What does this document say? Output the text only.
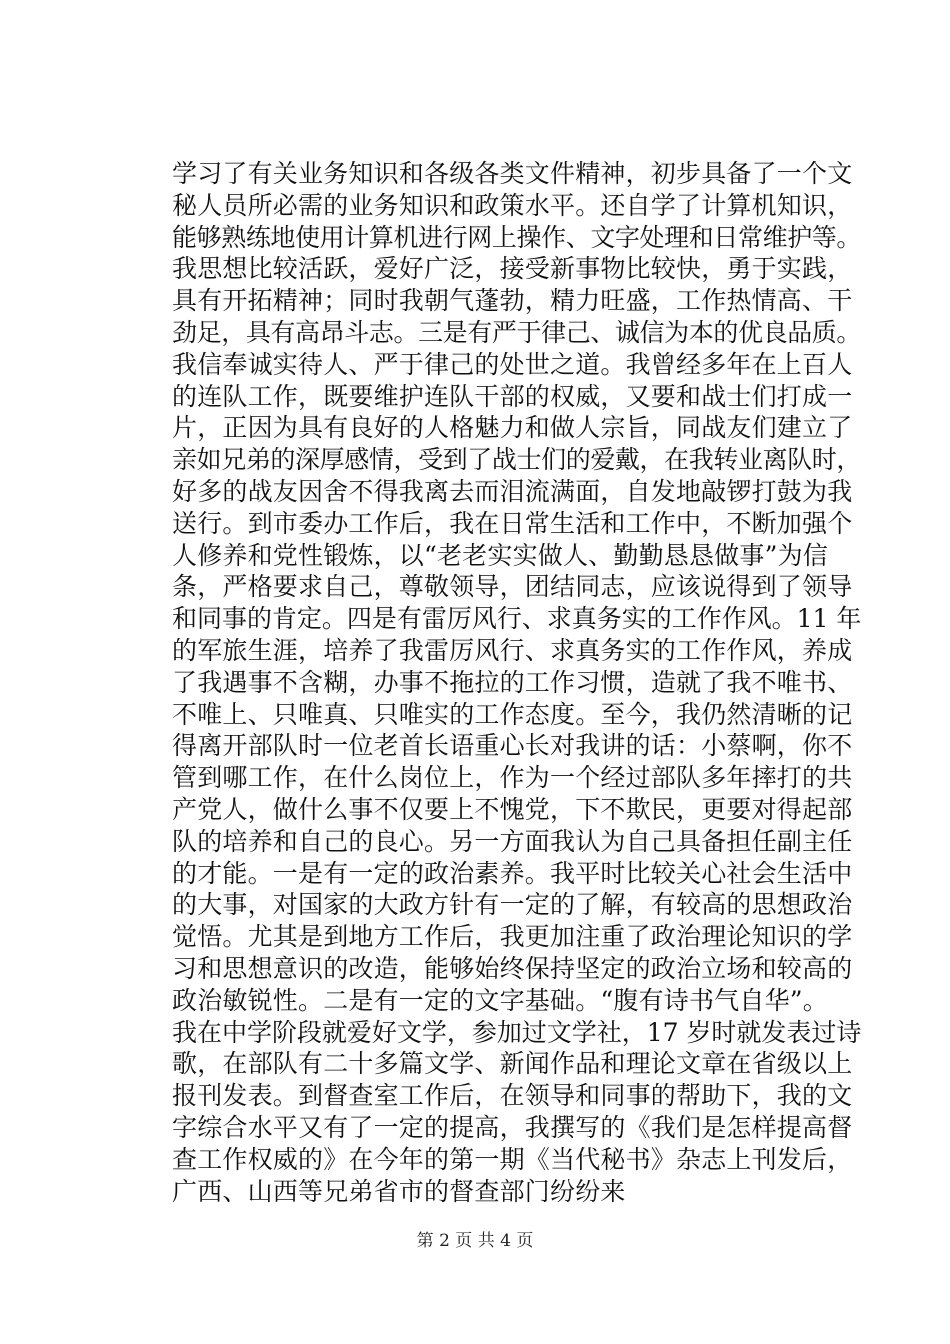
学习了有关业务知识和各级各类文件精神，初步具备了一个文
秘人员所必需的业务知识和政策水平。还自学了计算机知识，
能够熟练地使用计算机进行网上操作、文字处理和日常维护等。
我思想比较活跃，爱好广泛，接受新事物比较快，勇于实践，
具有开拓精神；同时我朝气蓬勃，精力旺盛，工作热情高、干
劲足，具有高昂斗志。三是有严于律己、诚信为本的优良品质。
我信奉诚实待人、严于律己的处世之道。我曾经多年在上百人
的连队工作，既要维护连队干部的权威，又要和战士们打成一
片，正因为具有良好的人格魅力和做人宗旨，同战友们建立了
亲如兄弟的深厚感情，受到了战士们的爱戴，在我转业离队时，
好多的战友因舍不得我离去而泪流满面，自发地敲锣打鼓为我
送行。到市委办工作后，我在日常生活和工作中，不断加强个
人修养和党性锻炼，以“老老实实做人、勤勤恳恳做事”为信
条，严格要求自己，尊敬领导，团结同志，应该说得到了领导
和同事的肯定。四是有雷厉风行、求真务实的工作作风。11 年
的军旅生涯，培养了我雷厉风行、求真务实的工作作风，养成
了我遇事不含糊，办事不拖拉的工作习惯，造就了我不唯书、
不唯上、只唯真、只唯实的工作态度。至今，我仍然清晰的记
得离开部队时一位老首长语重心长对我讲的话：小蔡啊，你不
管到哪工作，在什么岗位上，作为一个经过部队多年摔打的共
产党人，做什么事不仅要上不愧党，下不欺民，更要对得起部
队的培养和自己的良心。另一方面我认为自己具备担任副主任
的才能。一是有一定的政治素养。我平时比较关心社会生活中
的大事，对国家的大政方针有一定的了解，有较高的思想政治
觉悟。尤其是到地方工作后，我更加注重了政治理论知识的学
习和思想意识的改造，能够始终保持坚定的政治立场和较高的
政治敏锐性。二是有一定的文字基础。“腹有诗书气自华”。
我在中学阶段就爱好文学，参加过文学社，17 岁时就发表过诗
歌，在部队有二十多篇文学、新闻作品和理论文章在省级以上
报刊发表。到督查室工作后，在领导和同事的帮助下，我的文
字综合水平又有了一定的提高，我撰写的《我们是怎样提高督
查工作权威的》在今年的第一期《当代秘书》杂志上刊发后，
广西、山西等兄弟省市的督查部门纷纷来
第 2 页 共 4 页
